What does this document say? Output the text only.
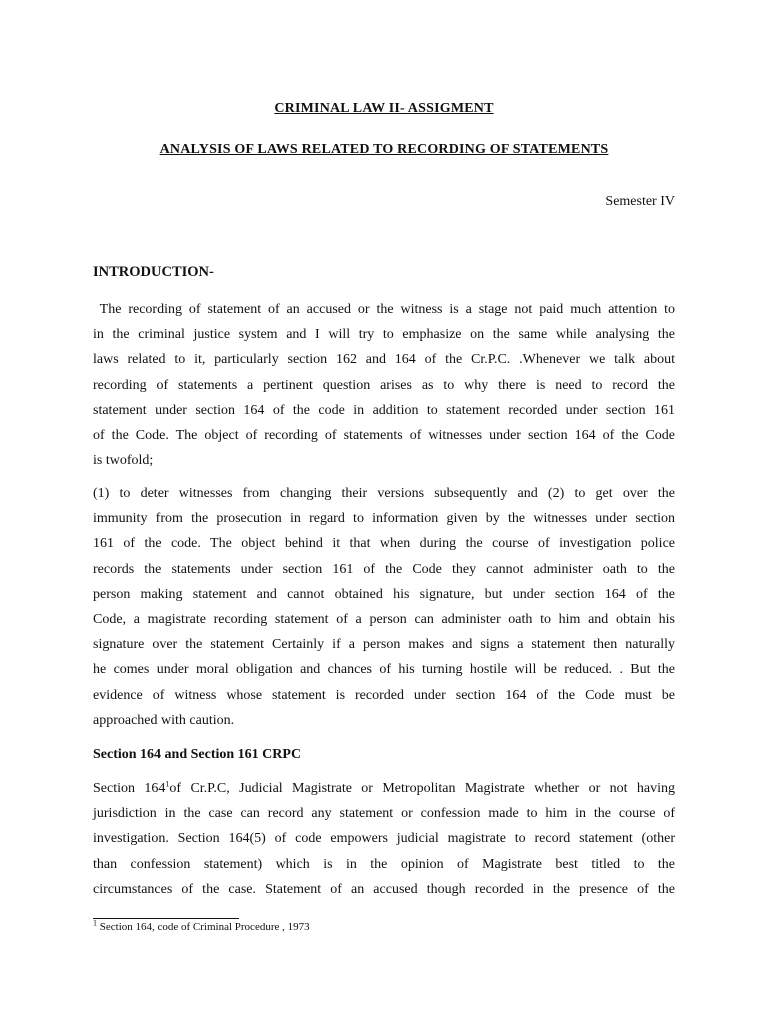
CRIMINAL LAW II- ASSIGMENT
ANALYSIS OF LAWS RELATED TO RECORDING OF STATEMENTS
Semester IV
INTRODUCTION-
The recording of statement of an accused or the witness is a stage not paid much attention to
in the criminal justice system and I will try to emphasize on the same while analysing the
laws related to it, particularly section 162 and 164 of the Cr.P.C. .Whenever we talk about
recording of statements a pertinent question arises as to why there is need to record the
statement under section 164 of the code in addition to statement recorded under section 161
of the Code. The object of recording of statements of witnesses under section 164 of the Code
is twofold;
(1) to deter witnesses from changing their versions subsequently and (2) to get over the
immunity from the prosecution in regard to information given by the witnesses under section
161 of the code. The object behind it that when during the course of investigation police
records the statements under section 161 of the Code they cannot administer oath to the
person making statement and cannot obtained his signature, but under section 164 of the
Code, a magistrate recording statement of a person can administer oath to him and obtain his
signature over the statement Certainly if a person makes and signs a statement then naturally
he comes under moral obligation and chances of his turning hostile will be reduced. . But the
evidence of witness whose statement is recorded under section 164 of the Code must be
approached with caution.
Section 164 and Section 161 CRPC
Section $164^1of$ Cr.P.C, Judicial Magistrate or Metropolitan Magistrate whether or not having
jurisdiction in the case can record any statement or confession made to him in the course of
investigation. Section 164(5) of code empowers judicial magistrate to record statement (other
than confession statement) which is in the opinion of Magistrate best titled to the
circumstances of the case. Statement of an accused though recorded in the presence of the
$^1$ Section 164, code of Criminal Procedure , 1973
